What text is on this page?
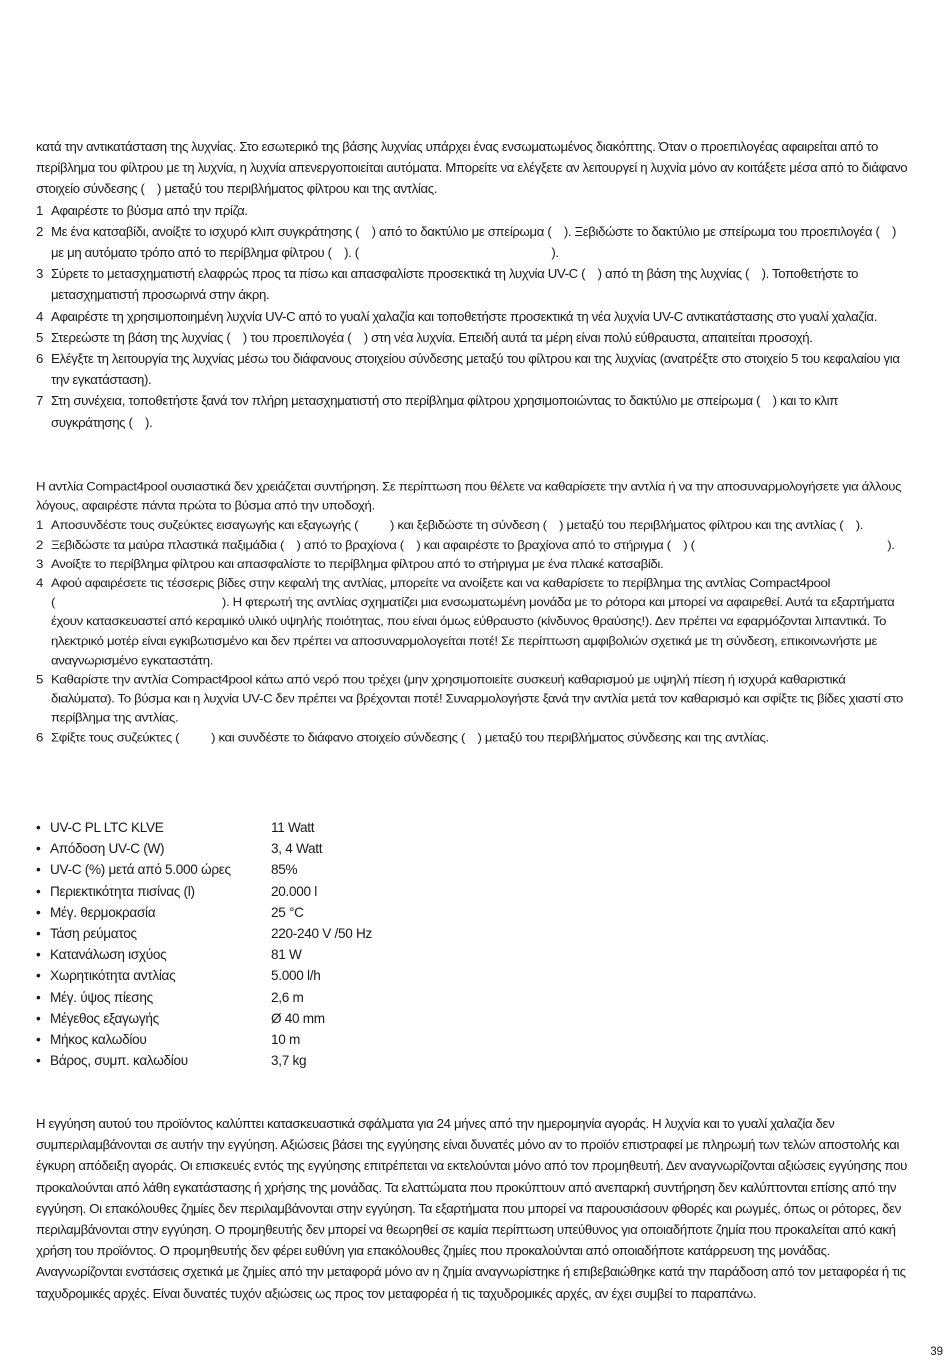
κατά την αντικατάσταση της λυχνίας. Στο εσωτερικό της βάσης λυχνίας υπάρχει ένας ενσωματωμένος διακόπτης. Όταν ο προεπιλογέας αφαιρείται από το περίβλημα του φίλτρου με τη λυχνία, η λυχνία απενεργοποιείται αυτόματα. Μπορείτε να ελέγξετε αν λειτουργεί η λυχνία μόνο αν κοιτάξετε μέσα από το διάφανο στοιχείο σύνδεσης (  ) μεταξύ του περιβλήματος φίλτρου και της αντλίας.

1 Αφαιρέστε το βύσμα από την πρίζα.
2 Με ένα κατσαβίδι, ανοίξτε το ισχυρό κλιπ συγκράτησης (  ) από το δακτύλιο με σπείρωμα (  ). Ξεβιδώστε το δακτύλιο με σπείρωμα του προεπιλογέα (  ) με μη αυτόματο τρόπο από το περίβλημα φίλτρου (  ). (               ).
3 Σύρετε το μετασχηματιστή ελαφρώς προς τα πίσω και απασφαλίστε προσεκτικά τη λυχνία UV-C (  ) από τη βάση της λυχνίας (  ). Τοποθετήστε το μετασχηματιστή προσωρινά στην άκρη.
4 Αφαιρέστε τη χρησιμοποιημένη λυχνία UV-C από το γυαλί χαλαζία και τοποθετήστε προσεκτικά τη νέα λυχνία UV-C αντικατάστασης στο γυαλί χαλαζία.
5 Στερεώστε τη βάση της λυχνίας (  ) του προεπιλογέα (  ) στη νέα λυχνία. Επειδή αυτά τα μέρη είναι πολύ εύθραυστα, απαιτείται προσοχή.
6 Ελέγξτε τη λειτουργία της λυχνίας μέσω του διάφανους στοιχείου σύνδεσης μεταξύ του φίλτρου και της λυχνίας (ανατρέξτε στο στοιχείο 5 του κεφαλαίου για την εγκατάσταση).
7 Στη συνέχεια, τοποθετήστε ξανά τον πλήρη μετασχηματιστή στο περίβλημα φίλτρου χρησιμοποιώντας το δακτύλιο με σπείρωμα (  ) και το κλιπ συγκράτησης (  ).

Η αντλία Compact4pool ουσιαστικά δεν χρειάζεται συντήρηση. Σε περίπτωση που θέλετε να καθαρίσετε την αντλία ή να την αποσυναρμολογήσετε για άλλους λόγους, αφαιρέστε πάντα πρώτα το βύσμα από την υποδοχή.

1 Αποσυνδέστε τους συζεύκτες εισαγωγής και εξαγωγής (   ) και ξεβιδώστε τη σύνδεση (  ) μεταξύ του περιβλήματος φίλτρου και της αντλίας (  ).
2 Ξεβιδώστε τα μαύρα πλαστικά παξιμάδια (  ) από το βραχίονα (  ) και αφαιρέστε το βραχίονα από το στήριγμα (  ) (               ).
3 Ανοίξτε το περίβλημα φίλτρου και απασφαλίστε το περίβλημα φίλτρου από το στήριγμα με ένα πλακέ κατσαβίδι.
4 Αφού αφαιρέσετε τις τέσσερις βίδες στην κεφαλή της αντλίας, μπορείτε να ανοίξετε και να καθαρίσετε το περίβλημα της αντλίας Compact4pool (             ). Η φτερωτή της αντλίας σχηματίζει μια ενσωματωμένη μονάδα με το ρότορα και μπορεί να αφαιρεθεί. Αυτά τα εξαρτήματα έχουν κατασκευαστεί από κεραμικό υλικό υψηλής ποιότητας, που είναι όμως εύθραυστο (κίνδυνος θραύσης!). Δεν πρέπει να εφαρμόζονται λιπαντικά. Το ηλεκτρικό μοτέρ είναι εγκιβωτισμένο και δεν πρέπει να αποσυναρμολογείται ποτέ! Σε περίπτωση αμφιβολιών σχετικά με τη σύνδεση, επικοινωνήστε με αναγνωρισμένο εγκαταστάτη.
5 Καθαρίστε την αντλία Compact4pool κάτω από νερό που τρέχει (μην χρησιμοποιείτε συσκευή καθαρισμού με υψηλή πίεση ή ισχυρά καθαριστικά διαλύματα). Το βύσμα και η λυχνία UV-C δεν πρέπει να βρέχονται ποτέ! Συναρμολογήστε ξανά την αντλία μετά τον καθαρισμό και σφίξτε τις βίδες χιαστί στο περίβλημα της αντλίας.
6 Σφίξτε τους συζεύκτες (   ) και συνδέστε το διάφανο στοιχείο σύνδεσης (  ) μεταξύ του περιβλήματος σύνδεσης και της αντλίας.
• UV-C PL LTC KLVE	11 Watt
• Απόδοση UV-C (W)	3, 4 Watt
• UV-C (%) μετά από 5.000 ώρες	85%
• Περιεκτικότητα πισίνας (l)	20.000 l
• Μέγ. θερμοκρασία	25 °C
• Τάση ρεύματος	220-240 V /50 Hz
• Κατανάλωση ισχύος	81 W
• Χωρητικότητα αντλίας	5.000 l/h
• Μέγ. ύψος πίεσης	2,6 m
• Μέγεθος εξαγωγής	Ø 40 mm
• Μήκος καλωδίου	10 m
• Βάρος, συμπ. καλωδίου	3,7 kg

Η εγγύηση αυτού του προϊόντος καλύπτει κατασκευαστικά σφάλματα για 24 μήνες από την ημερομηνία αγοράς. Η λυχνία και το γυαλί χαλαζία δεν συμπεριλαμβάνονται σε αυτήν την εγγύηση. Αξιώσεις βάσει της εγγύησης είναι δυνατές μόνο αν το προϊόν επιστραφεί με πληρωμή των τελών αποστολής και έγκυρη απόδειξη αγοράς. Οι επισκευές εντός της εγγύησης επιτρέπεται να εκτελούνται μόνο από τον προμηθευτή. Δεν αναγνωρίζονται αξιώσεις εγγύησης που προκαλούνται από λάθη εγκατάστασης ή χρήσης της μονάδας. Τα ελαττώματα που προκύπτουν από ανεπαρκή συντήρηση δεν καλύπτονται επίσης από την εγγύηση. Οι επακόλουθες ζημίες δεν περιλαμβάνονται στην εγγύηση. Τα εξαρτήματα που μπορεί να παρουσιάσουν φθορές και ρωγμές, όπως οι ρότορες, δεν περιλαμβάνονται στην εγγύηση. Ο προμηθευτής δεν μπορεί να θεωρηθεί σε καμία περίπτωση υπεύθυνος για οποιαδήποτε ζημία που προκαλείται από κακή χρήση του προϊόντος. Ο προμηθευτής δεν φέρει ευθύνη για επακόλουθες ζημίες που προκαλούνται από οποιαδήποτε κατάρρευση της μονάδας. Αναγνωρίζονται ενστάσεις σχετικά με ζημίες από την μεταφορά μόνο αν η ζημία αναγνωρίστηκε ή επιβεβαιώθηκε κατά την παράδοση από τον μεταφορέα ή τις ταχυδρομικές αρχές. Είναι δυνατές τυχόν αξιώσεις ως προς τον μεταφορέα ή τις ταχυδρομικές αρχές, αν έχει συμβεί το παραπάνω.

39
